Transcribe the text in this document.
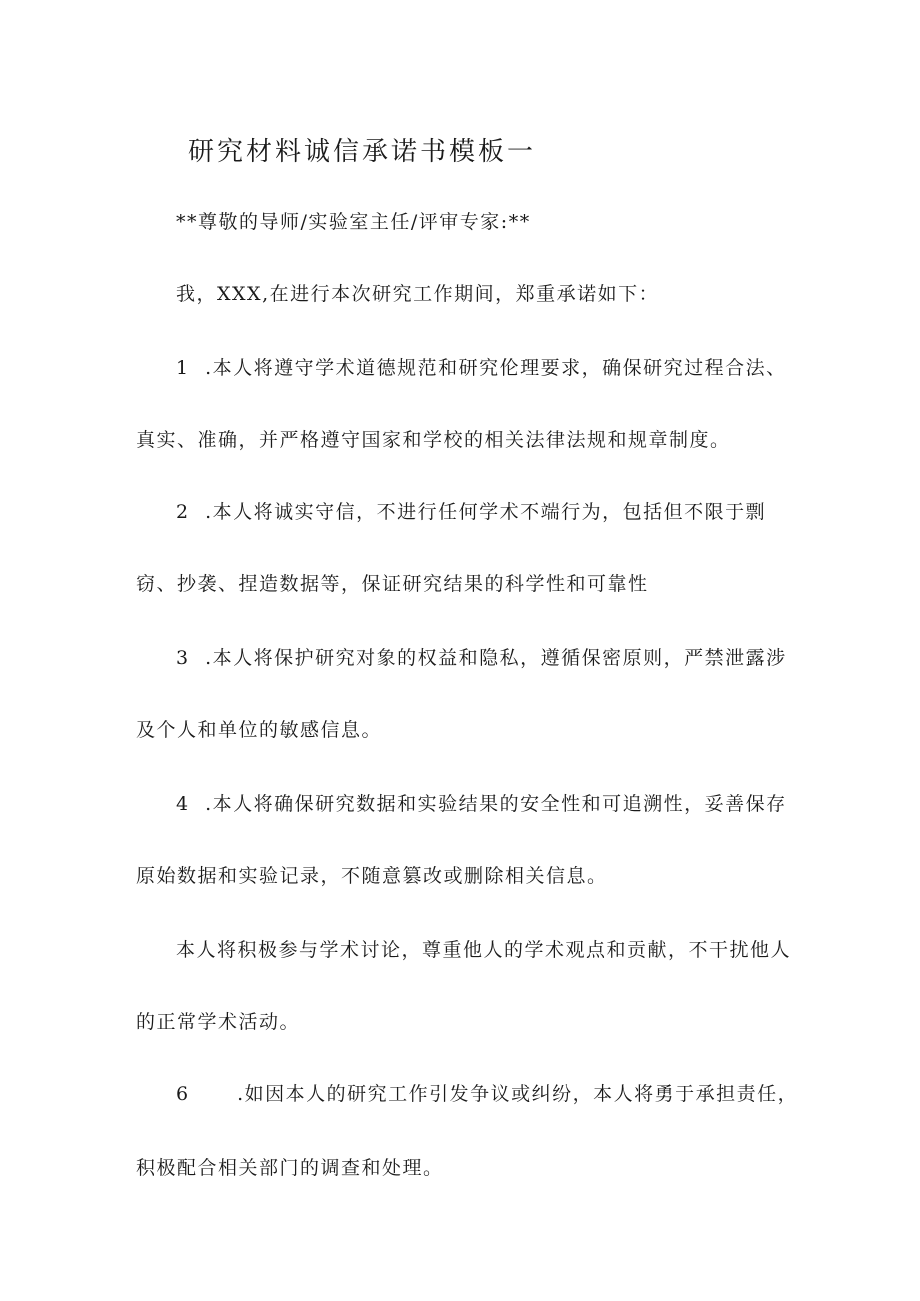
研究材料诚信承诺书模板一
**尊敬的导师/实验室主任/评审专家:**
我，XXX,在进行本次研究工作期间，郑重承诺如下：
1 .本人将遵守学术道德规范和研究伦理要求，确保研究过程合法、
真实、准确，并严格遵守国家和学校的相关法律法规和规章制度。
2 .本人将诚实守信，不进行任何学术不端行为，包括但不限于剽
窃、抄袭、捏造数据等，保证研究结果的科学性和可靠性
3 .本人将保护研究对象的权益和隐私，遵循保密原则，严禁泄露涉
及个人和单位的敏感信息。
4 .本人将确保研究数据和实验结果的安全性和可追溯性，妥善保存
原始数据和实验记录，不随意篡改或删除相关信息。
本人将积极参与学术讨论，尊重他人的学术观点和贡献，不干扰他人
的正常学术活动。
6	.如因本人的研究工作引发争议或纠纷，本人将勇于承担责任，
积极配合相关部门的调查和处理。
